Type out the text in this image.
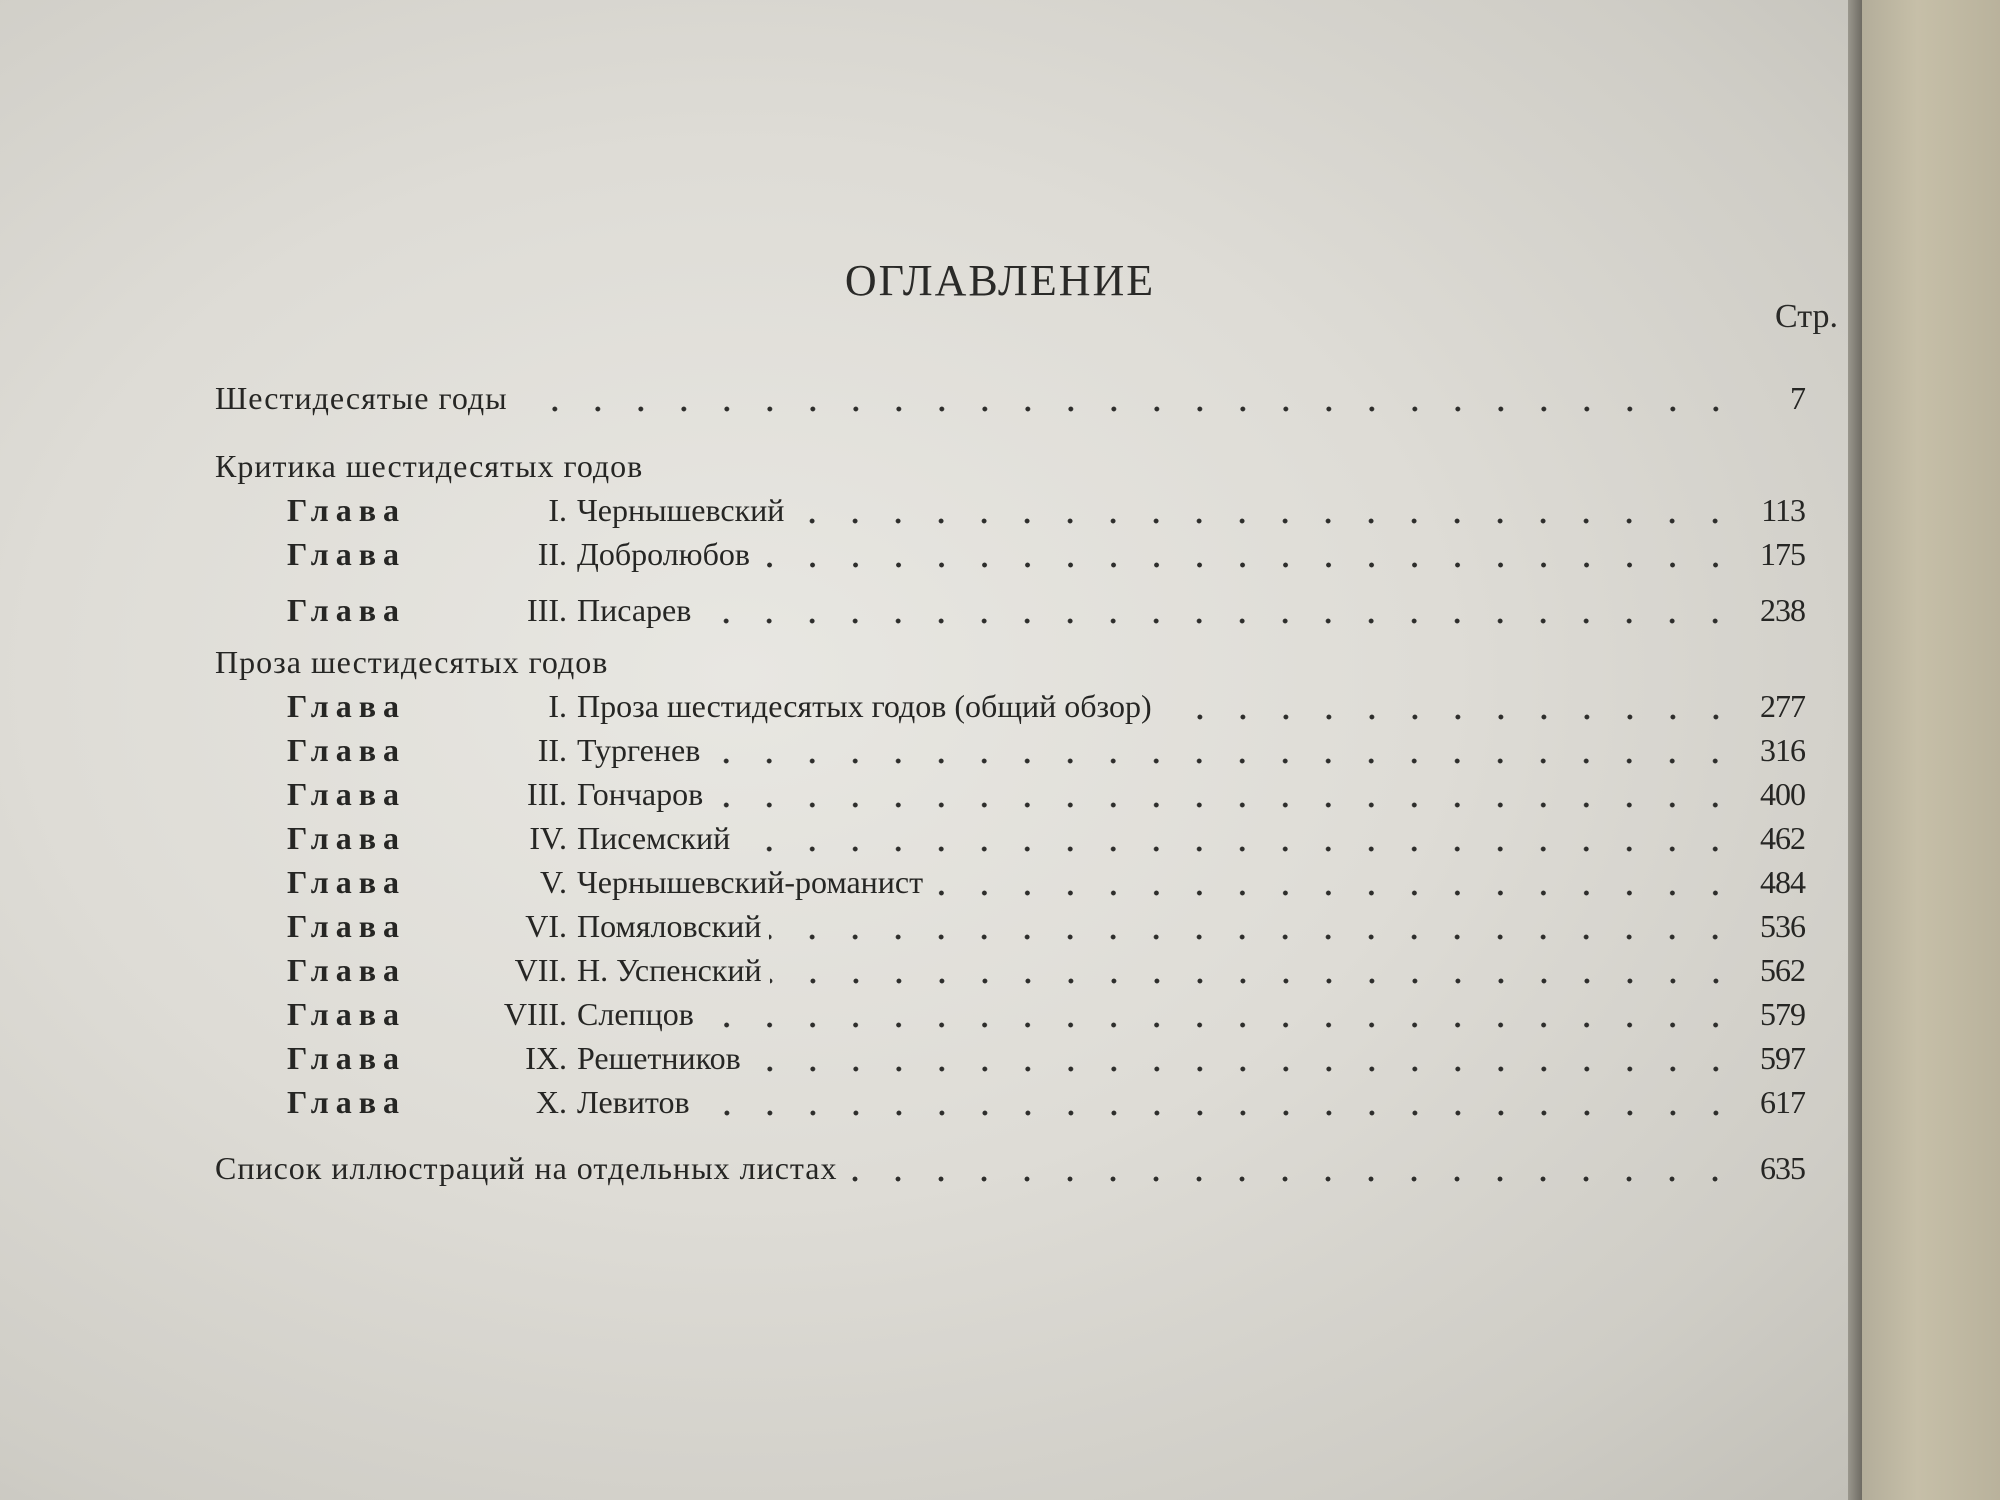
ОГЛАВЛЕНИЕ
Стр.
Шестидесятые годы	7
Критика шестидесятых годов
Глава	I. Чернышевский	113
Глава	II. Добролюбов	175
Глава	III. Писарев	238
Проза шестидесятых годов
Глава	I. Проза шестидесятых годов (общий обзор)	277
Глава	II. Тургенев	316
Глава	III. Гончаров	400
Глава	IV. Писемский	462
Глава	V. Чернышевский-романист	484
Глава	VI. Помяловский	536
Глава	VII. Н. Успенский	562
Глава	VIII. Слепцов	579
Глава	IX. Решетников	597
Глава	X. Левитов	617
Список иллюстраций на отдельных листах	635
